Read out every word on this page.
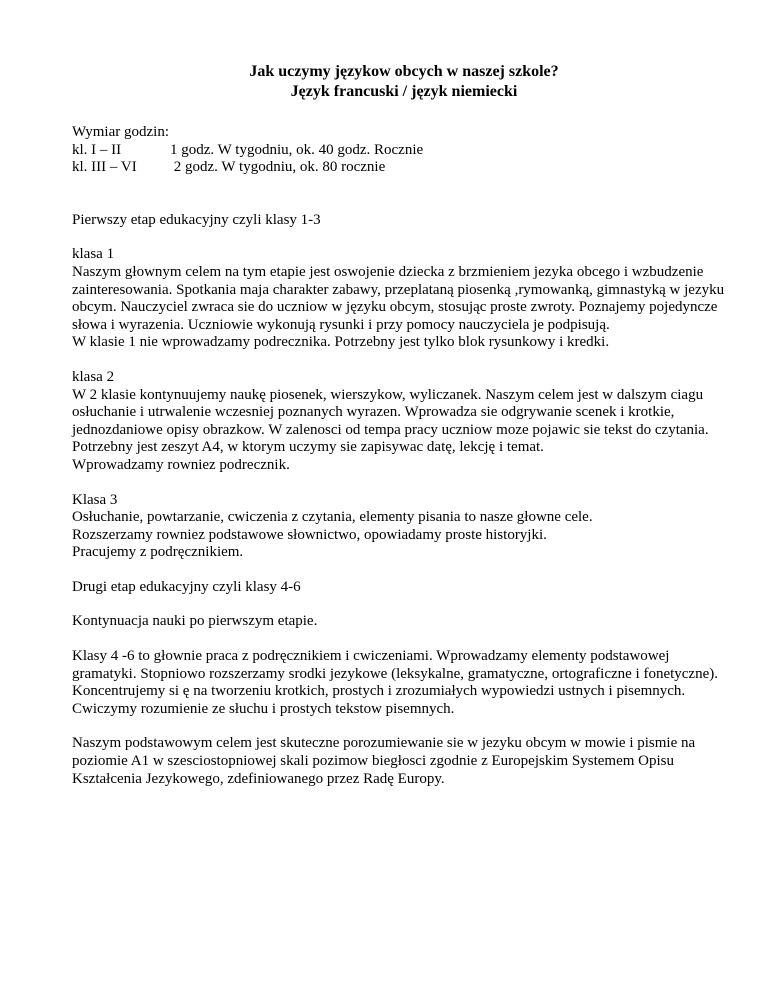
Jak uczymy językow obcych w naszej szkole?
Język francuski / język niemiecki

Wymiar godzin:

kl. I – II	1 godz. W tygodniu, ok. 40 godz. Rocznie
kl. III – VI	2 godz. W tygodniu, ok. 80 rocznie

Pierwszy etap edukacyjny czyli klasy 1-3

klasa 1

Naszym głownym celem na tym etapie jest oswojenie dziecka z brzmieniem jezyka obcego i wzbudzenie zainteresowania. Spotkania maja charakter zabawy, przeplataną piosenką ,rymowanką, gimnastyką w jezyku obcym. Nauczyciel zwraca sie do uczniow w języku obcym, stosując proste zwroty. Poznajemy pojedyncze słowa i wyrazenia. Uczniowie wykonują rysunki i przy pomocy nauczyciela je podpisują.

W klasie 1 nie wprowadzamy podrecznika. Potrzebny jest tylko blok rysunkowy i kredki.

klasa 2

W 2 klasie kontynuujemy naukę piosenek, wierszykow, wyliczanek. Naszym celem jest w dalszym ciagu osłuchanie i utrwalenie wczesniej poznanych wyrazen. Wprowadza sie odgrywanie scenek i krotkie, jednozdaniowe opisy obrazkow. W zalenosci od tempa pracy uczniow moze pojawic sie tekst do czytania.

Potrzebny jest zeszyt A4, w ktorym uczymy sie zapisywac datę, lekcję i temat.

Wprowadzamy rowniez podrecznik.

Klasa 3

Osłuchanie, powtarzanie, cwiczenia z czytania, elementy pisania to nasze głowne cele.

Rozszerzamy rowniez podstawowe słownictwo, opowiadamy proste historyjki.

Pracujemy z podręcznikiem.

Drugi etap edukacyjny czyli klasy 4-6

Kontynuacja nauki po pierwszym etapie.

Klasy 4 -6 to głownie praca z podręcznikiem i cwiczeniami. Wprowadzamy elementy podstawowej gramatyki. Stopniowo rozszerzamy srodki jezykowe (leksykalne, gramatyczne, ortograficzne i fonetyczne). Koncentrujemy si ę na tworzeniu krotkich, prostych i zrozumiałych wypowiedzi ustnych i pisemnych. Cwiczymy rozumienie ze słuchu i prostych tekstow pisemnych.

Naszym podstawowym celem jest skuteczne porozumiewanie sie w jezyku obcym w mowie i pismie na poziomie A1 w szesciostopniowej skali pozimow biegłosci zgodnie z Europejskim Systemem Opisu Kształcenia Jezykowego, zdefiniowanego przez Radę Europy.
